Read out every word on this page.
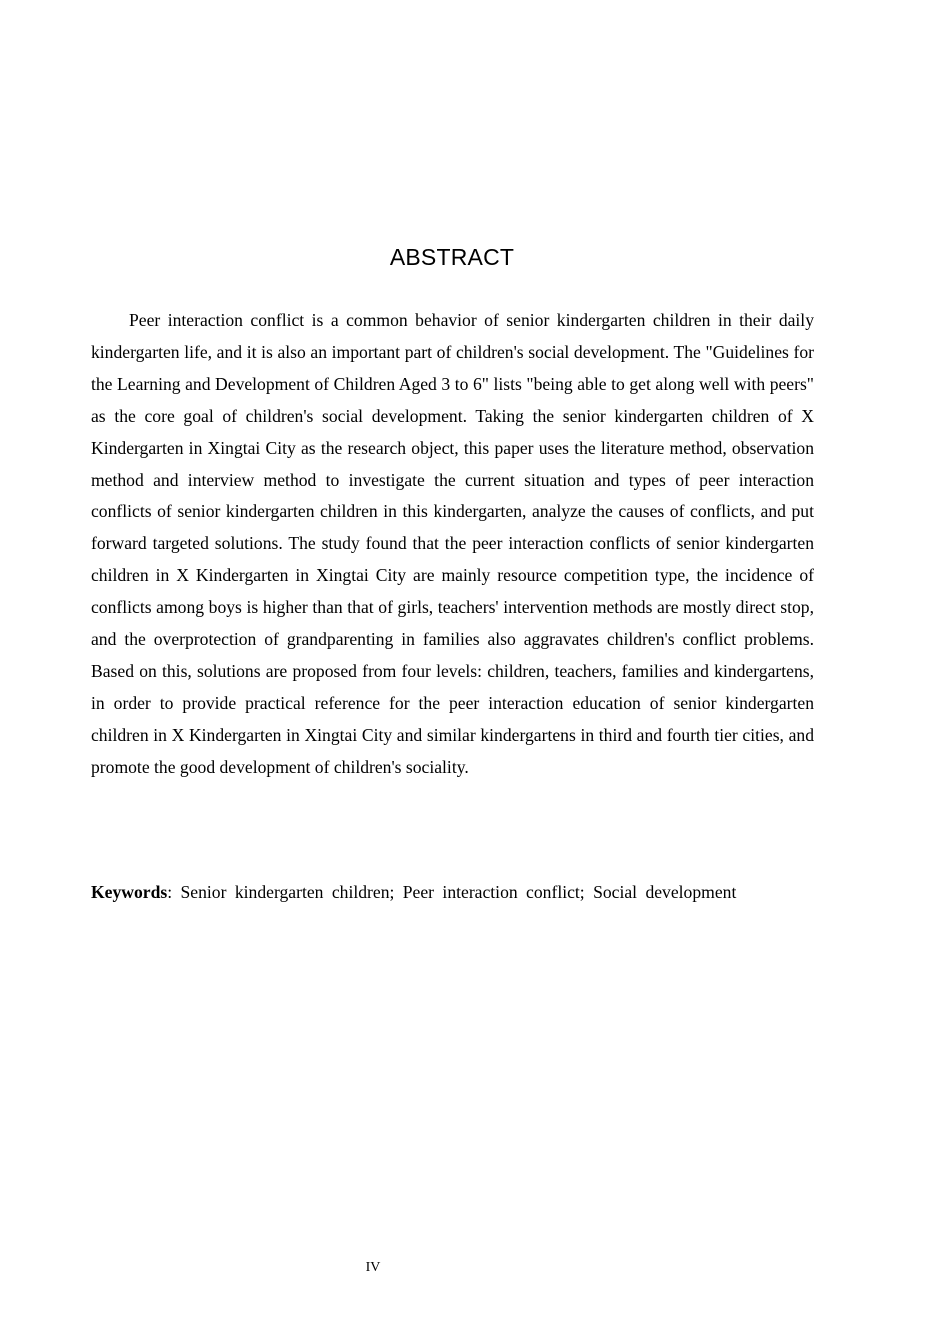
ABSTRACT

Peer interaction conflict is a common behavior of senior kindergarten children in their daily kindergarten life, and it is also an important part of children's social development. The "Guidelines for the Learning and Development of Children Aged 3 to 6" lists "being able to get along well with peers" as the core goal of children's social development. Taking the senior kindergarten children of X Kindergarten in Xingtai City as the research object, this paper uses the literature method, observation method and interview method to investigate the current situation and types of peer interaction conflicts of senior kindergarten children in this kindergarten, analyze the causes of conflicts, and put forward targeted solutions. The study found that the peer interaction conflicts of senior kindergarten children in X Kindergarten in Xingtai City are mainly resource competition type, the incidence of conflicts among boys is higher than that of girls, teachers' intervention methods are mostly direct stop, and the overprotection of grandparenting in families also aggravates children's conflict problems. Based on this, solutions are proposed from four levels: children, teachers, families and kindergartens, in order to provide practical reference for the peer interaction education of senior kindergarten children in X Kindergarten in Xingtai City and similar kindergartens in third and fourth tier cities, and promote the good development of children's sociality.

Keywords: Senior kindergarten children; Peer interaction conflict; Social development
IV
